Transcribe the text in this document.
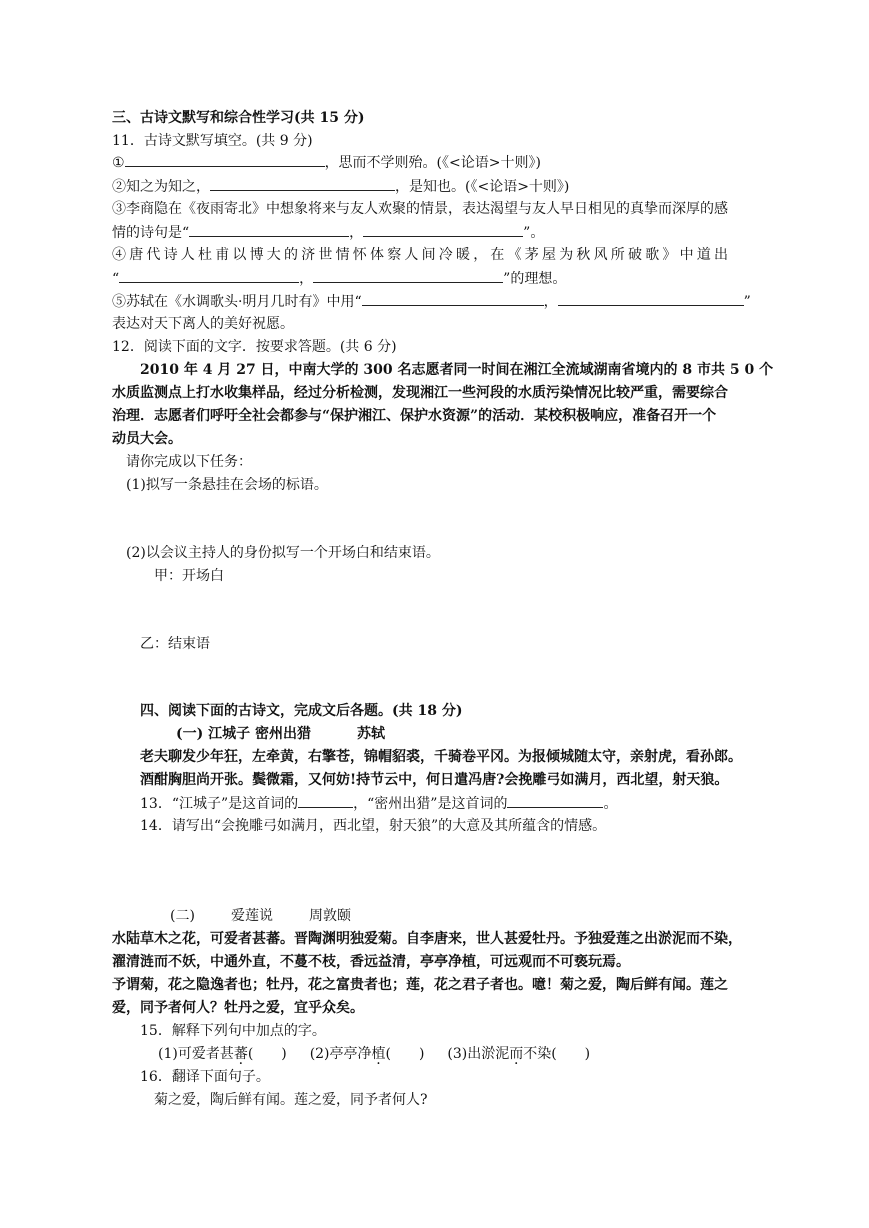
三、古诗文默写和综合性学习(共 15 分)
11．古诗文默写填空。(共 9 分)
①	，思而不学则殆。(《<论语>十则》)
②知之为知之，	，是知也。(《<论语>十则》)
③李商隐在《夜雨寄北》中想象将来与友人欢聚的情景，表达渴望与友人早日相见的真挚而深厚的感
情的诗句是“	，	”。
④唐代诗人杜甫以博大的济世情怀体察人间冷暖，在《茅屋为秋风所破歌》中道出
“	，	”的理想。
⑤苏轼在《水调歌头·明月几时有》中用“	，	”
表达对天下离人的美好祝愿。
12．阅读下面的文字．按要求答题。(共 6 分)
2010 年 4 月 27 日，中南大学的 300 名志愿者同一时间在湘江全流域湖南省境内的 8 市共 5 0 个
水质监测点上打水收集样品，经过分析检测，发现湘江一些河段的水质污染情况比较严重，需要综合
治理．志愿者们呼吁全社会都参与“保护湘江、保护水资源”的活动．某校积极响应，准备召开一个
动员大会。
请你完成以下任务：
(1)拟写一条悬挂在会场的标语。
(2)以会议主持人的身份拟写一个开场白和结束语。
甲：开场白
乙：结束语
四、阅读下面的古诗文，完成文后各题。(共 18 分)
(一) 江城子 密州出猎	苏轼
老夫聊发少年狂，左牵黄，右擎苍，锦帽貂裘，千骑卷平冈。为报倾城随太守，亲射虎，看孙郎。
酒酣胸胆尚开张。鬓微霜，又何妨!持节云中，何日遣冯唐?会挽雕弓如满月，西北望，射天狼。
13．“江城子”是这首词的	，“密州出猎”是这首词的	。
14．请写出“会挽雕弓如满月，西北望，射天狼”的大意及其所蕴含的情感。
(二)	爱莲说	周敦颐
水陆草木之花，可爱者甚蕃。晋陶渊明独爱菊。自李唐来，世人甚爱牡丹。予独爱莲之出淤泥而不染，
濯清涟而不妖，中通外直，不蔓不枝，香远益清，亭亭净植，可远观而不可亵玩焉。
予谓菊，花之隐逸者也；牡丹，花之富贵者也；莲，花之君子者也。噫！菊之爱，陶后鲜有闻。莲之
爱，同予者何人？牡丹之爱，宜乎众矣。
15．解释下列句中加点的字。
(1)可爱者甚蕃(　　) (2)亭亭净植(　　) (3)出淤泥而不染(　　)
16．翻译下面句子。
菊之爱，陶后鲜有闻。莲之爱，同予者何人?
